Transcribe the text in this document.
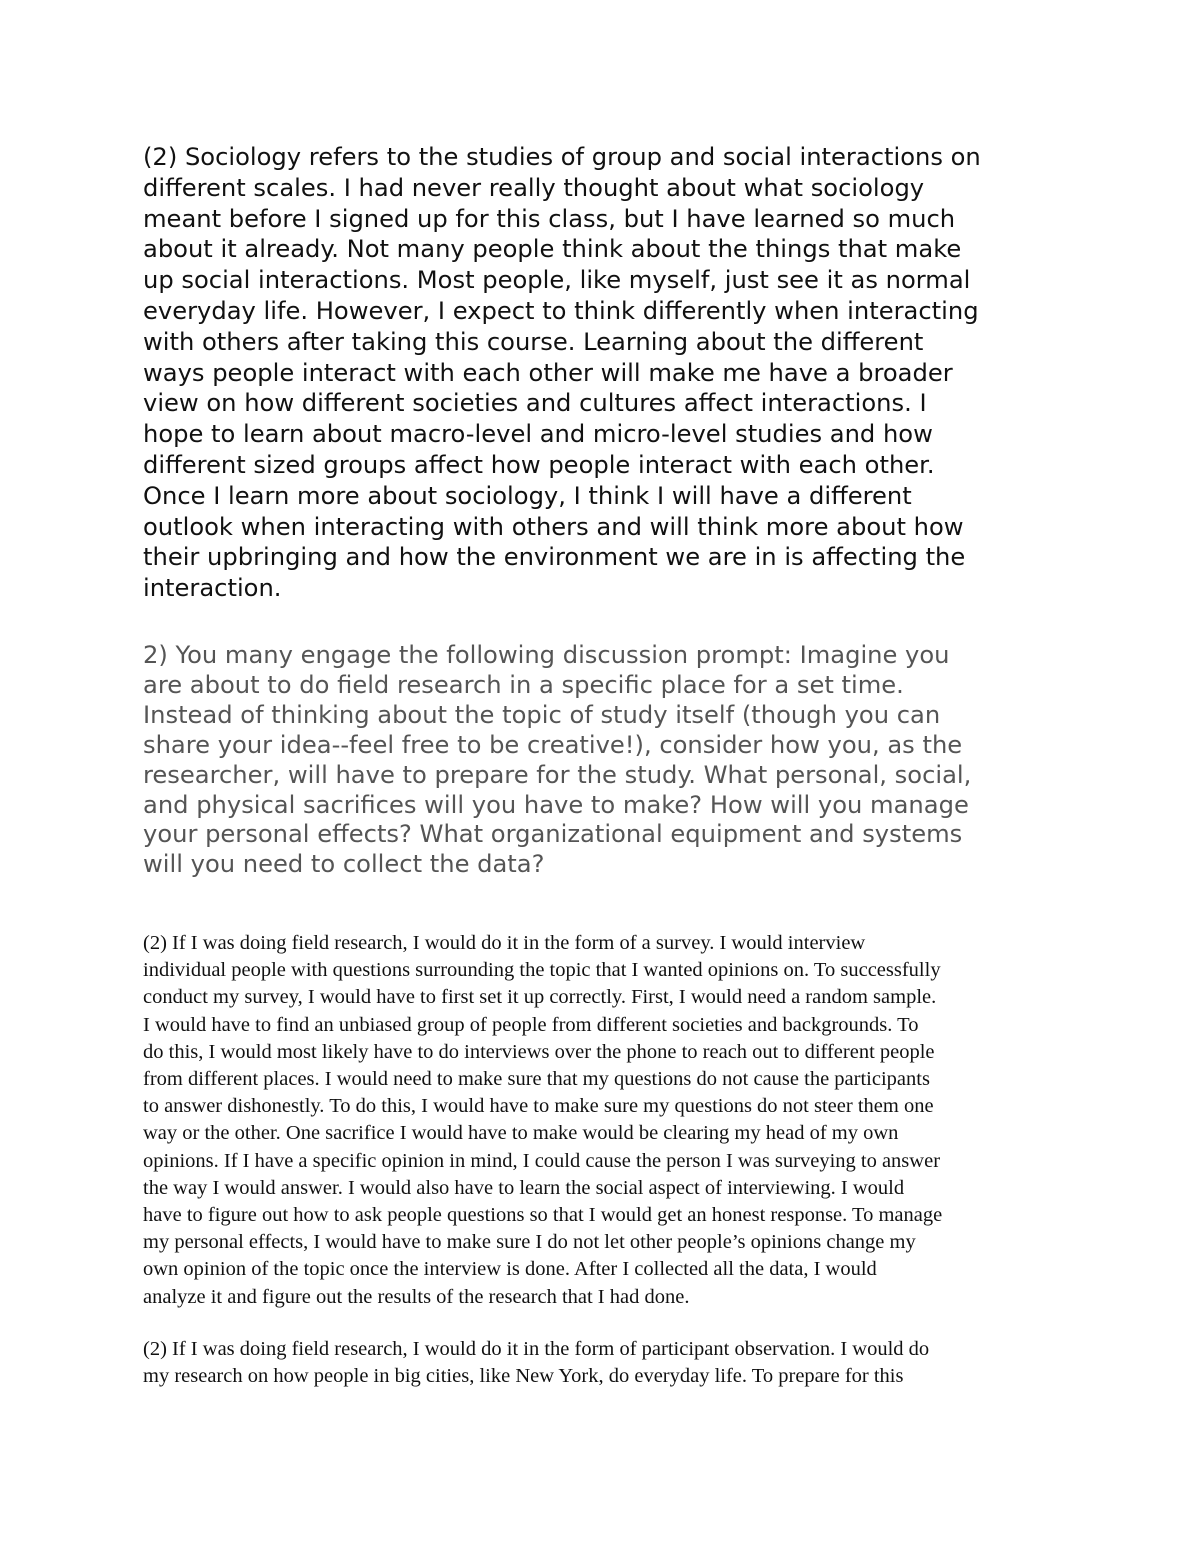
(2) Sociology refers to the studies of group and social interactions on
different scales. I had never really thought about what sociology
meant before I signed up for this class, but I have learned so much
about it already. Not many people think about the things that make
up social interactions. Most people, like myself, just see it as normal
everyday life. However, I expect to think differently when interacting
with others after taking this course. Learning about the different
ways people interact with each other will make me have a broader
view on how different societies and cultures affect interactions. I
hope to learn about macro-level and micro-level studies and how
different sized groups affect how people interact with each other.
Once I learn more about sociology, I think I will have a different
outlook when interacting with others and will think more about how
their upbringing and how the environment we are in is affecting the
interaction.

2) You many engage the following discussion prompt: Imagine you
are about to do field research in a specific place for a set time.
Instead of thinking about the topic of study itself (though you can
share your idea--feel free to be creative!), consider how you, as the
researcher, will have to prepare for the study. What personal, social,
and physical sacrifices will you have to make? How will you manage
your personal effects? What organizational equipment and systems
will you need to collect the data?

(2) If I was doing field research, I would do it in the form of a survey. I would interview
individual people with questions surrounding the topic that I wanted opinions on. To successfully
conduct my survey, I would have to first set it up correctly. First, I would need a random sample.
I would have to find an unbiased group of people from different societies and backgrounds. To
do this, I would most likely have to do interviews over the phone to reach out to different people
from different places. I would need to make sure that my questions do not cause the participants
to answer dishonestly. To do this, I would have to make sure my questions do not steer them one
way or the other. One sacrifice I would have to make would be clearing my head of my own
opinions. If I have a specific opinion in mind, I could cause the person I was surveying to answer
the way I would answer. I would also have to learn the social aspect of interviewing. I would
have to figure out how to ask people questions so that I would get an honest response. To manage
my personal effects, I would have to make sure I do not let other people’s opinions change my
own opinion of the topic once the interview is done. After I collected all the data, I would
analyze it and figure out the results of the research that I had done.

(2) If I was doing field research, I would do it in the form of participant observation. I would do
my research on how people in big cities, like New York, do everyday life. To prepare for this
